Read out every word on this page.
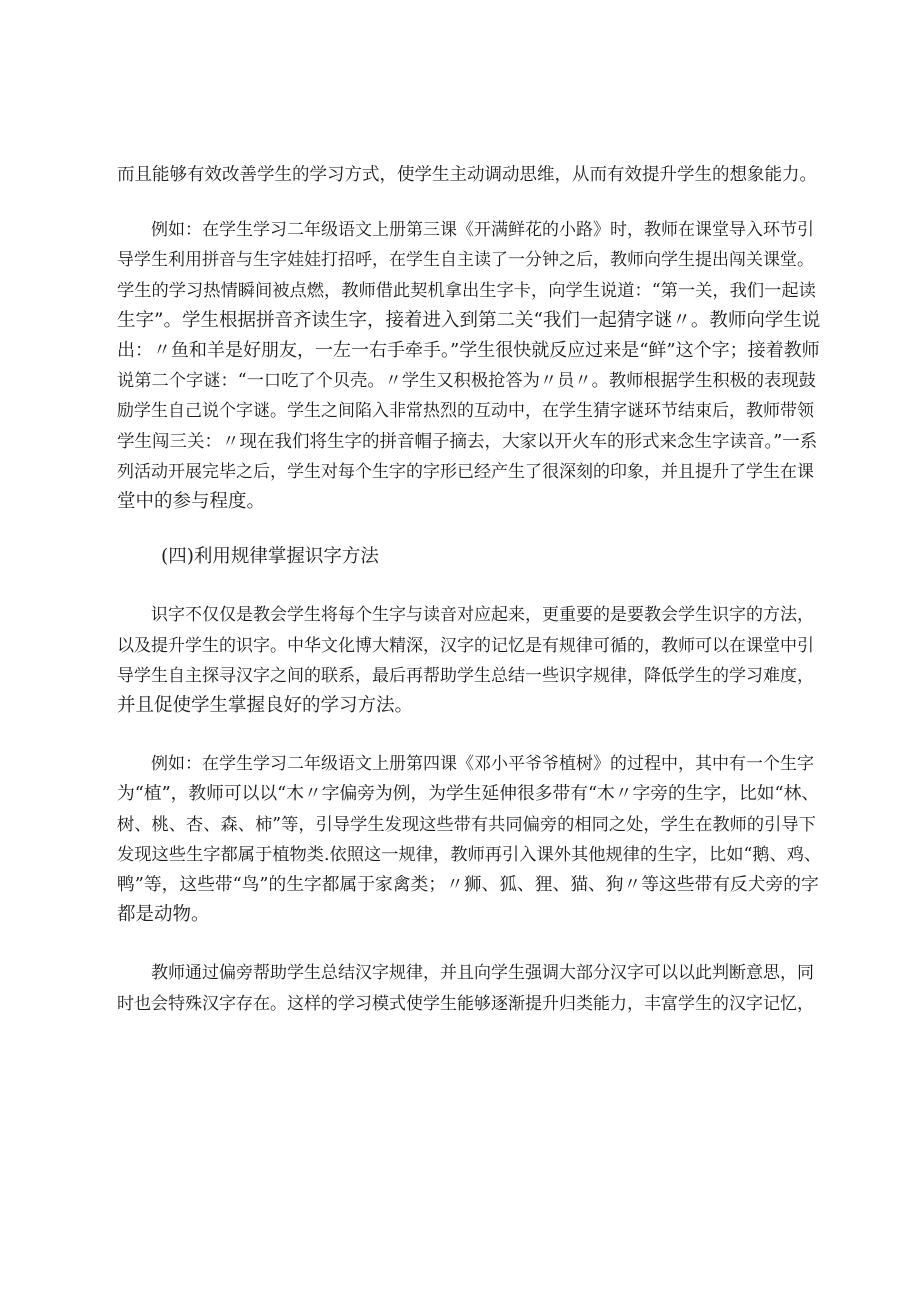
而且能够有效改善学生的学习方式，使学生主动调动思维，从而有效提升学生的想象能力。

例如：在学生学习二年级语文上册第三课《开满鲜花的小路》时，教师在课堂导入环节引
导学生利用拼音与生字娃娃打招呼，在学生自主读了一分钟之后，教师向学生提出闯关课堂。
学生的学习热情瞬间被点燃，教师借此契机拿出生字卡，向学生说道：“第一关，我们一起读
生字”。学生根据拼音齐读生字，接着进入到第二关“我们一起猜字谜〃。教师向学生说
出：〃鱼和羊是好朋友，一左一右手牵手。”学生很快就反应过来是“鲜”这个字；接着教师
说第二个字谜：“一口吃了个贝壳。〃学生又积极抢答为〃员〃。教师根据学生积极的表现鼓
励学生自己说个字谜。学生之间陷入非常热烈的互动中，在学生猜字谜环节结束后，教师带领
学生闯三关：〃现在我们将生字的拼音帽子摘去，大家以开火车的形式来念生字读音。”一系
列活动开展完毕之后，学生对每个生字的字形已经产生了很深刻的印象，并且提升了学生在课
堂中的参与程度。

(四)利用规律掌握识字方法

识字不仅仅是教会学生将每个生字与读音对应起来，更重要的是要教会学生识字的方法，
以及提升学生的识字。中华文化博大精深，汉字的记忆是有规律可循的，教师可以在课堂中引
导学生自主探寻汉字之间的联系，最后再帮助学生总结一些识字规律，降低学生的学习难度，
并且促使学生掌握良好的学习方法。

例如：在学生学习二年级语文上册第四课《邓小平爷爷植树》的过程中，其中有一个生字
为“植”，教师可以以“木〃字偏旁为例，为学生延伸很多带有“木〃字旁的生字，比如“林、
树、桃、杏、森、柿”等，引导学生发现这些带有共同偏旁的相同之处，学生在教师的引导下
发现这些生字都属于植物类.依照这一规律，教师再引入课外其他规律的生字，比如“鹅、鸡、
鸭”等，这些带“鸟”的生字都属于家禽类；〃狮、狐、狸、猫、狗〃等这些带有反犬旁的字
都是动物。

教师通过偏旁帮助学生总结汉字规律，并且向学生强调大部分汉字可以以此判断意思，同
时也会特殊汉字存在。这样的学习模式使学生能够逐渐提升归类能力，丰富学生的汉字记忆，
